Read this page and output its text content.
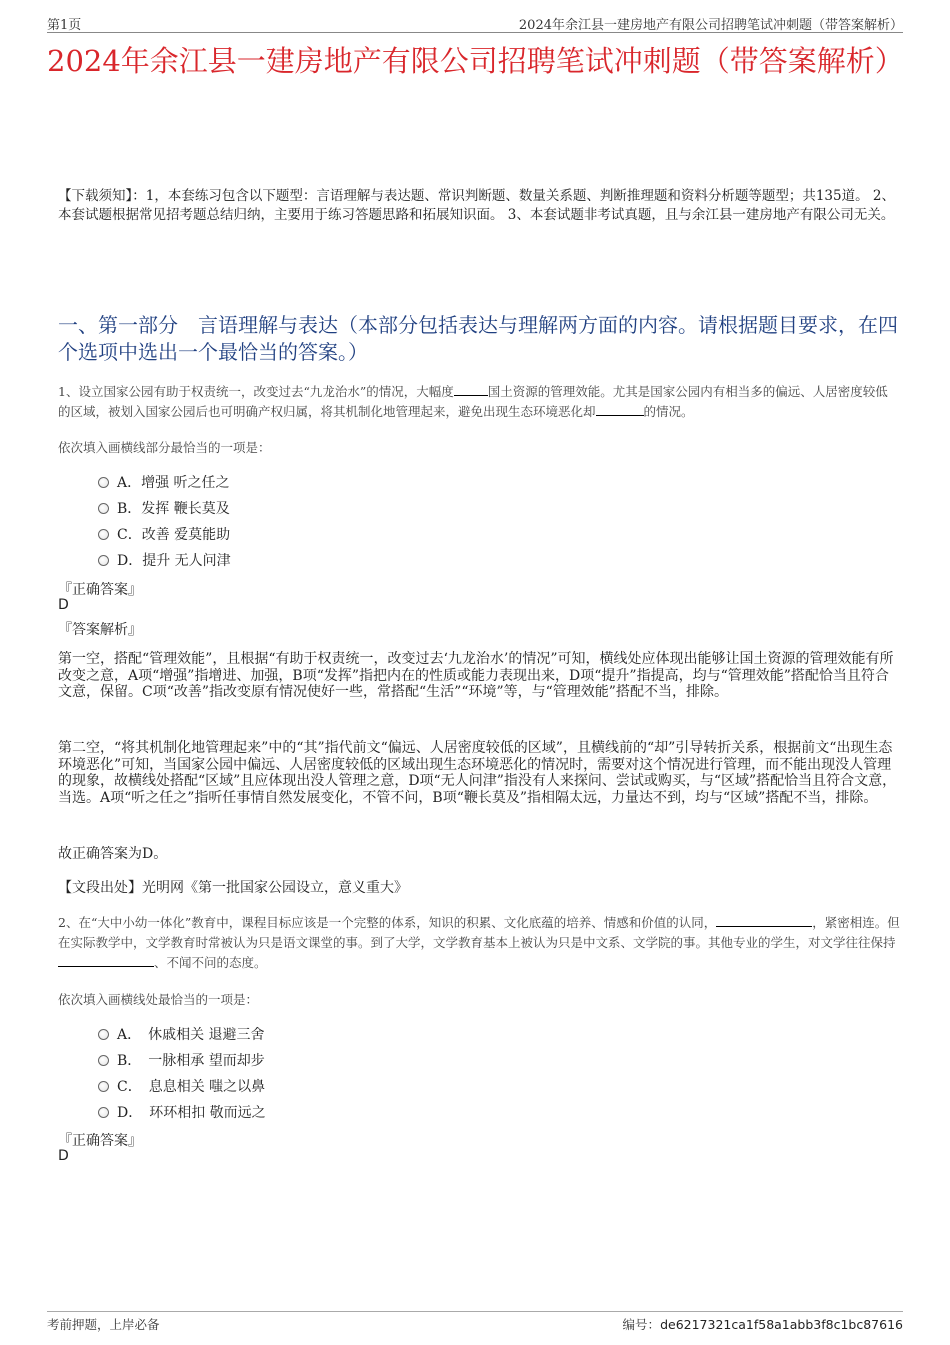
第1页	2024年余江县一建房地产有限公司招聘笔试冲刺题（带答案解析）
2024年余江县一建房地产有限公司招聘笔试冲刺题（带答案解析）
【下载须知】：1，本套练习包含以下题型：言语理解与表达题、常识判断题、数量关系题、判断推理题和资料分析题等题型；共135道。 2、本套试题根据常见招考题总结归纳，主要用于练习答题思路和拓展知识面。 3、本套试题非考试真题，且与余江县一建房地产有限公司无关。
一、第一部分　言语理解与表达（本部分包括表达与理解两方面的内容。请根据题目要求，在四个选项中选出一个最恰当的答案。）
1、设立国家公园有助于权责统一，改变过去“九龙治水”的情况，大幅度	国土资源的管理效能。尤其是国家公园内有相当多的偏远、人居密度较低的区域，被划入国家公园后也可明确产权归属，将其机制化地管理起来，避免出现生态环境恶化却	的情况。
依次填入画横线部分最恰当的一项是：
A．增强 听之任之
B．发挥 鞭长莫及
C．改善 爱莫能助
D．提升 无人问津
『正确答案』
D
『答案解析』
第一空，搭配“管理效能”，且根据“有助于权责统一，改变过去‘九龙治水’的情况”可知，横线处应体现出能够让国土资源的管理效能有所改变之意，A项“增强”指增进、加强，B项“发挥”指把内在的性质或能力表现出来，D项“提升”指提高，均与“管理效能”搭配恰当且符合文意，保留。C项“改善”指改变原有情况使好一些，常搭配“生活”“环境”等，与“管理效能”搭配不当，排除。
第二空，“将其机制化地管理起来”中的“其”指代前文“偏远、人居密度较低的区域”，且横线前的“却”引导转折关系，根据前文“出现生态环境恶化”可知，当国家公园中偏远、人居密度较低的区域出现生态环境恶化的情况时，需要对这个情况进行管理，而不能出现没人管理的现象，故横线处搭配“区域”且应体现出没人管理之意，D项“无人问津”指没有人来探问、尝试或购买，与“区域”搭配恰当且符合文意，当选。A项“听之任之”指听任事情自然发展变化，不管不问，B项“鞭长莫及”指相隔太远，力量达不到，均与“区域”搭配不当，排除。
故正确答案为D。
【文段出处】光明网《第一批国家公园设立，意义重大》
2、在“大中小幼一体化”教育中，课程目标应该是一个完整的体系，知识的积累、文化底蕴的培养、情感和价值的认同，	，紧密相连。但在实际教学中，文学教育时常被认为只是语文课堂的事。到了大学，文学教育基本上被认为只是中文系、文学院的事。其他专业的学生，对文学往往保持、不闻不问的态度。
依次填入画横线处最恰当的一项是：
A．　休戚相关 退避三舍
B．　一脉相承 望而却步
C．　息息相关 嗤之以鼻
D．　环环相扣 敬而远之
『正确答案』
D
考前押题，上岸必备	编号：de6217321ca1f58a1abb3f8c1bc87616
